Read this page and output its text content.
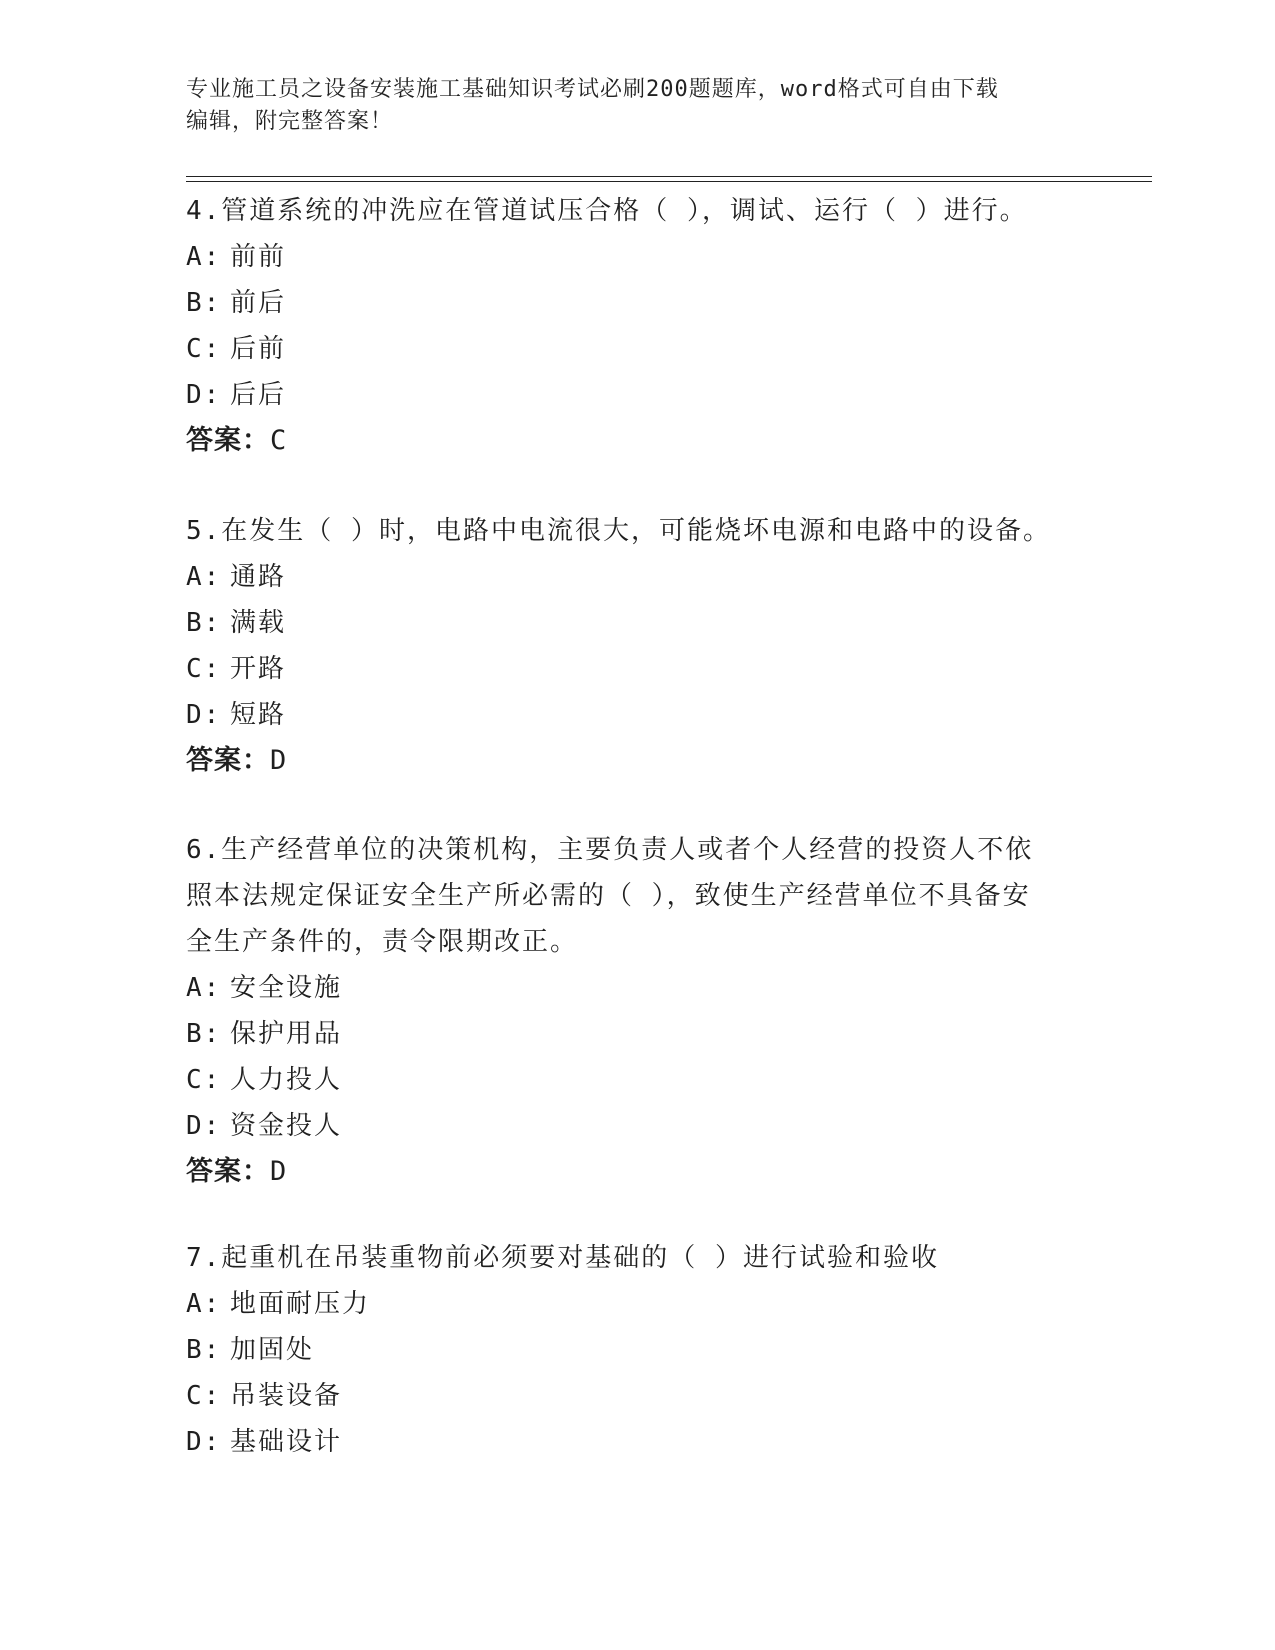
专业施工员之设备安装施工基础知识考试必刷200题题库，word格式可自由下载
编辑，附完整答案！

4.管道系统的冲洗应在管道试压合格（ ），调试、运行（ ）进行。

A: 前前

B: 前后

C: 后前

D: 后后

答案：C

5.在发生（ ）时，电路中电流很大，可能烧坏电源和电路中的设备。

A: 通路

B: 满载

C: 开路

D: 短路

答案：D

6.生产经营单位的决策机构，主要负责人或者个人经营的投资人不依

照本法规定保证安全生产所必需的（ ），致使生产经营单位不具备安

全生产条件的，责令限期改正。

A: 安全设施

B: 保护用品

C: 人力投人

D: 资金投人

答案：D

7.起重机在吊装重物前必须要对基础的（ ）进行试验和验收

A: 地面耐压力

B: 加固处

C: 吊装设备

D: 基础设计
